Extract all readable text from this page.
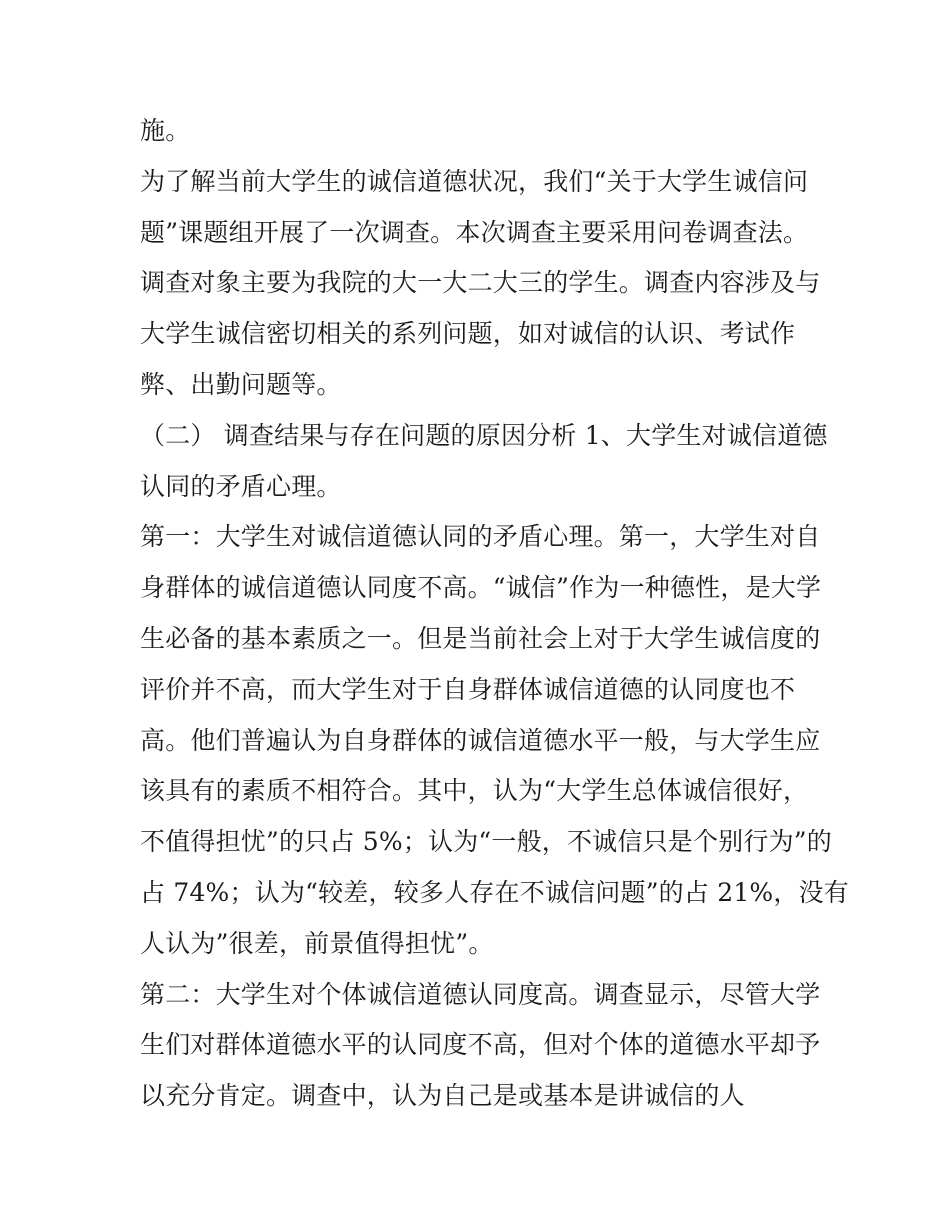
施。
为了解当前大学生的诚信道德状况，我们“关于大学生诚信问
题”课题组开展了一次调查。本次调查主要采用问卷调查法。
调查对象主要为我院的大一大二大三的学生。调查内容涉及与
大学生诚信密切相关的系列问题，如对诚信的认识、考试作
弊、出勤问题等。
（二） 调查结果与存在问题的原因分析 1、大学生对诚信道德
认同的矛盾心理。
第一：大学生对诚信道德认同的矛盾心理。第一，大学生对自
身群体的诚信道德认同度不高。“诚信”作为一种德性，是大学
生必备的基本素质之一。但是当前社会上对于大学生诚信度的
评价并不高，而大学生对于自身群体诚信道德的认同度也不
高。他们普遍认为自身群体的诚信道德水平一般，与大学生应
该具有的素质不相符合。其中，认为“大学生总体诚信很好，
不值得担忧”的只占 5%；认为“一般，不诚信只是个别行为”的
占 74%；认为“较差，较多人存在不诚信问题”的占 21%，没有
人认为”很差，前景值得担忧”。
第二：大学生对个体诚信道德认同度高。调查显示，尽管大学
生们对群体道德水平的认同度不高，但对个体的道德水平却予
以充分肯定。调查中，认为自己是或基本是讲诚信的人
